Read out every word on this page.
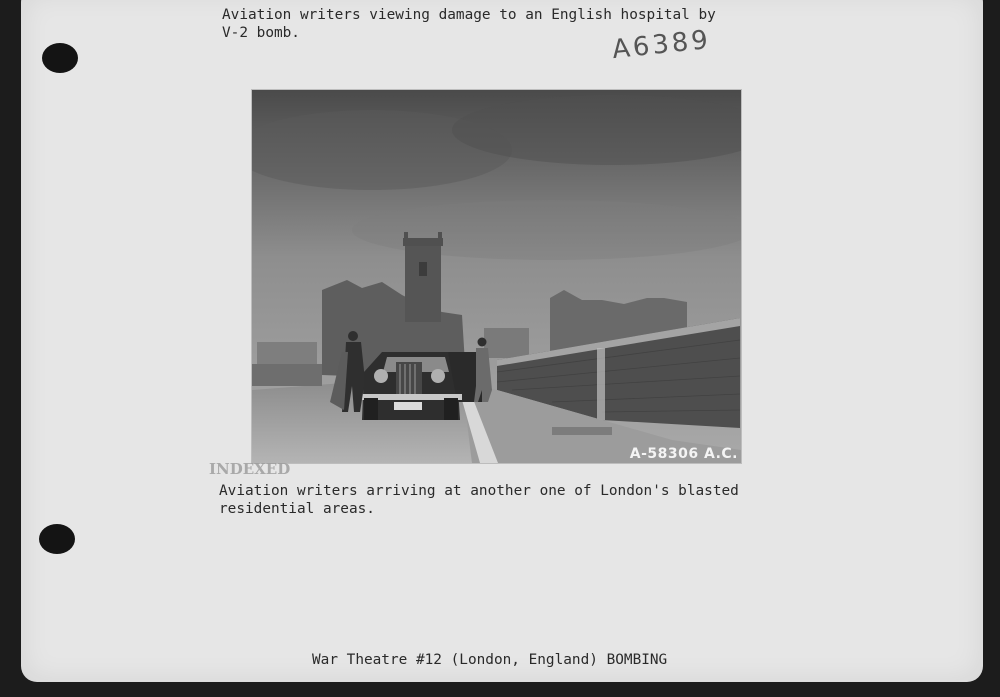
Aviation writers viewing damage to an English hospital by
V-2 bomb.	A6389
A-58306 A.C.
INDEXED
Aviation writers arriving at another one of London's blasted
residential areas.
War Theatre #12 (London, England) BOMBING
